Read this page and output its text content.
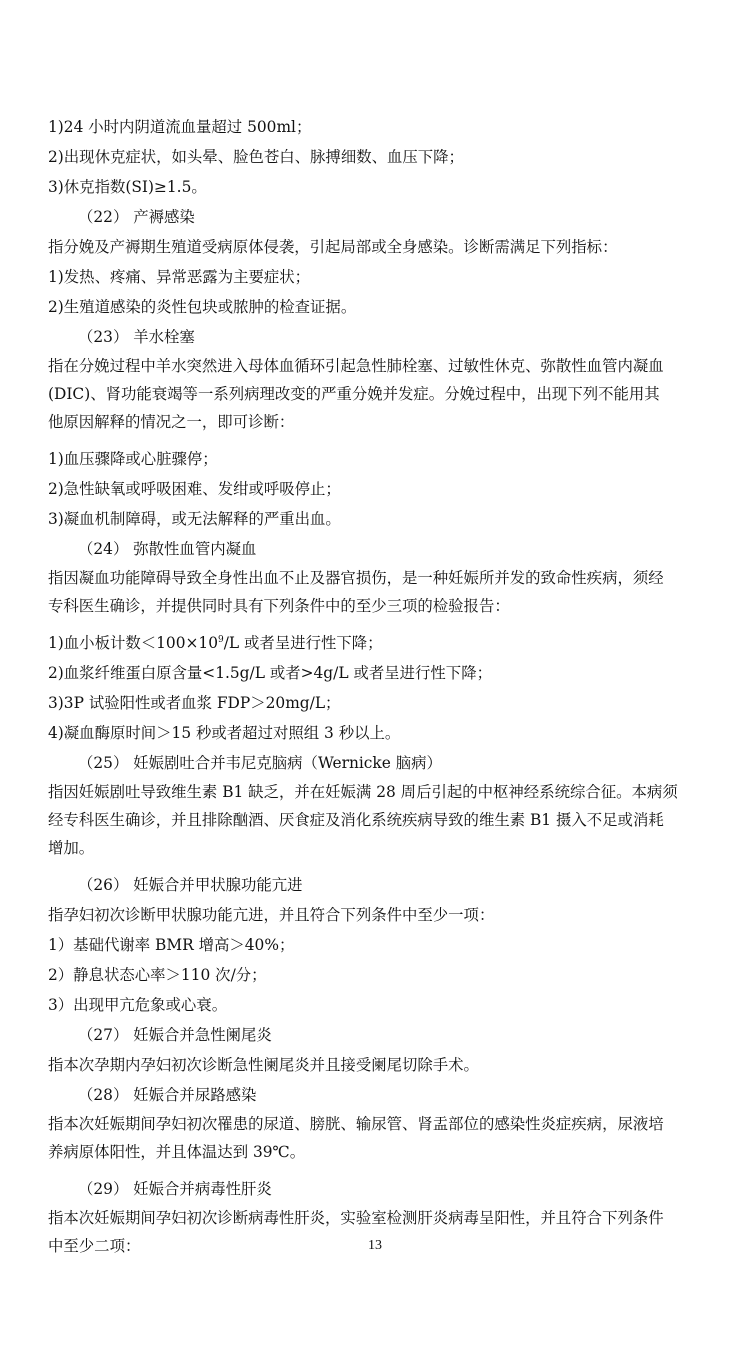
1)24 小时内阴道流血量超过 500ml；
2)出现休克症状，如头晕、脸色苍白、脉搏细数、血压下降；
3)休克指数(SI)≥1.5。
（22） 产褥感染
指分娩及产褥期生殖道受病原体侵袭，引起局部或全身感染。诊断需满足下列指标：
1)发热、疼痛、异常恶露为主要症状；
2)生殖道感染的炎性包块或脓肿的检查证据。
（23） 羊水栓塞
指在分娩过程中羊水突然进入母体血循环引起急性肺栓塞、过敏性休克、弥散性血管内凝血
(DIC)、肾功能衰竭等一系列病理改变的严重分娩并发症。分娩过程中，出现下列不能用其
他原因解释的情况之一，即可诊断：
1)血压骤降或心脏骤停；
2)急性缺氧或呼吸困难、发绀或呼吸停止；
3)凝血机制障碍，或无法解释的严重出血。
（24） 弥散性血管内凝血
指因凝血功能障碍导致全身性出血不止及器官损伤，是一种妊娠所并发的致命性疾病，须经
专科医生确诊，并提供同时具有下列条件中的至少三项的检验报告：
1)血小板计数$<100\times 10^9/L$ 或者呈进行性下降；
2)血浆纤维蛋白原含量<1.5g/L 或者>4g/L 或者呈进行性下降；
3)3P 试验阳性或者血浆 FDP＞20mg/L；
4)凝血酶原时间＞15 秒或者超过对照组 3 秒以上。
（25） 妊娠剧吐合并韦尼克脑病（Wernicke 脑病）
指因妊娠剧吐导致维生素 B1 缺乏，并在妊娠满 28 周后引起的中枢神经系统综合征。本病须
经专科医生确诊，并且排除酗酒、厌食症及消化系统疾病导致的维生素 B1 摄入不足或消耗
增加。
（26） 妊娠合并甲状腺功能亢进
指孕妇初次诊断甲状腺功能亢进，并且符合下列条件中至少一项：
1）基础代谢率 BMR 增高＞40%；
2）静息状态心率＞110 次/分；
3）出现甲亢危象或心衰。
（27） 妊娠合并急性阑尾炎
指本次孕期内孕妇初次诊断急性阑尾炎并且接受阑尾切除手术。
（28） 妊娠合并尿路感染
指本次妊娠期间孕妇初次罹患的尿道、膀胱、输尿管、肾盂部位的感染性炎症疾病，尿液培
养病原体阳性，并且体温达到 39℃。
（29） 妊娠合并病毒性肝炎
指本次妊娠期间孕妇初次诊断病毒性肝炎，实验室检测肝炎病毒呈阳性，并且符合下列条件
中至少二项：	13
